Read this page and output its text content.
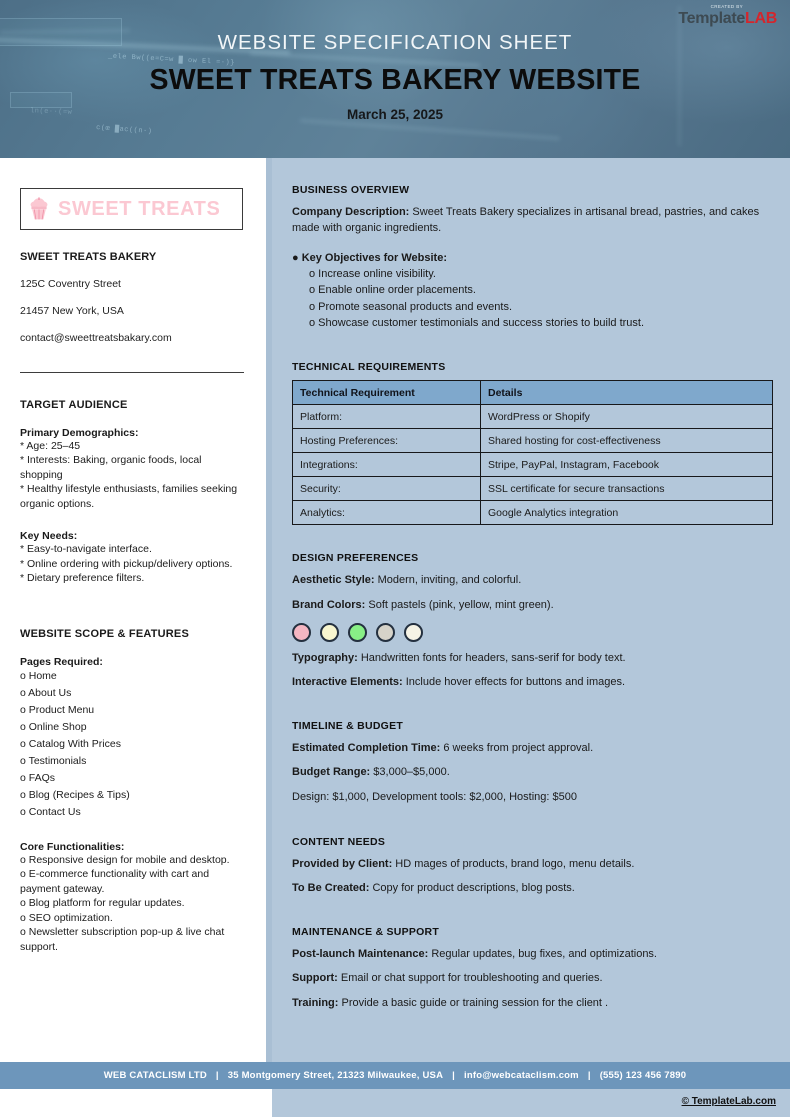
_ele Bw((e=C=w █ ow El =·)}
c(œ █ac((n·)
ln(e··(=w
CREATED BY
TemplateLAB
WEBSITE SPECIFICATION SHEET
SWEET TREATS BAKERY WEBSITE
March 25, 2025
SWEET TREATS
SWEET TREATS BAKERY
125C Coventry Street
21457 New York, USA
contact@sweettreatsbakary.com
TARGET AUDIENCE
Primary Demographics:
* Age: 25–45
* Interests: Baking, organic foods, local shopping
* Healthy lifestyle enthusiasts, families seeking organic options.
Key Needs:
* Easy-to-navigate interface.
* Online ordering with pickup/delivery options.
* Dietary preference filters.
WEBSITE SCOPE & FEATURES
Pages Required:
o Home
o About Us
o Product Menu
o Online Shop
o Catalog With Prices
o Testimonials
o FAQs
o Blog (Recipes & Tips)
o Contact Us
Core Functionalities:
o Responsive design for mobile and desktop.
o E-commerce functionality with cart and payment gateway.
o Blog platform for regular updates.
o SEO optimization.
o Newsletter subscription pop-up & live chat support.
BUSINESS OVERVIEW
Company Description: Sweet Treats Bakery specializes in artisanal bread, pastries, and cakes made with organic ingredients.
● Key Objectives for Website:
o Increase online visibility.
o Enable online order placements.
o Promote seasonal products and events.
o Showcase customer testimonials and success stories to build trust.
TECHNICAL REQUIREMENTS
Technical Requirement	Details
Platform:	WordPress or Shopify
Hosting Preferences:	Shared hosting for cost-effectiveness
Integrations:	Stripe, PayPal, Instagram, Facebook
Security:	SSL certificate for secure transactions
Analytics:	Google Analytics integration
DESIGN PREFERENCES
Aesthetic Style: Modern, inviting, and colorful.
Brand Colors: Soft pastels (pink, yellow, mint green).
Typography: Handwritten fonts for headers, sans-serif for body text.
Interactive Elements: Include hover effects for buttons and images.
TIMELINE & BUDGET
Estimated Completion Time: 6 weeks from project approval.
Budget Range: $3,000–$5,000.
Design: $1,000, Development tools: $2,000, Hosting: $500
CONTENT NEEDS
Provided by Client: HD mages of products, brand logo, menu details.
To Be Created: Copy for product descriptions, blog posts.
MAINTENANCE & SUPPORT
Post-launch Maintenance: Regular updates, bug fixes, and optimizations.
Support: Email or chat support for troubleshooting and queries.
Training: Provide a basic guide or training session for the client .
WEB CATACLISM LTD | 35 Montgomery Street, 21323 Milwaukee, USA | info@webcataclism.com | (555) 123 456 7890
© TemplateLab.com
